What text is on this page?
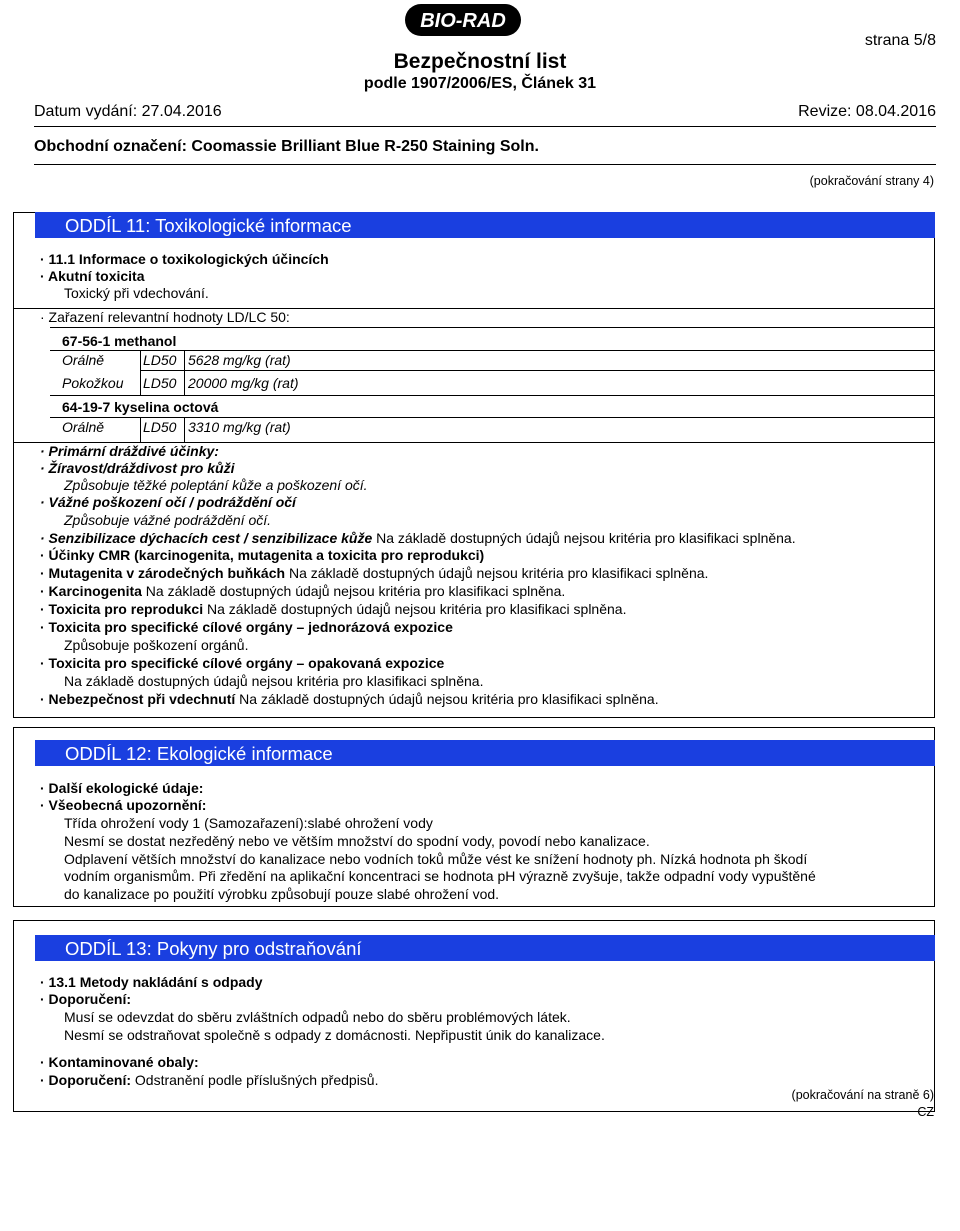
BIO-RAD
strana 5/8
Bezpečnostní list
podle 1907/2006/ES, Článek 31
Datum vydání: 27.04.2016	Revize: 08.04.2016
Obchodní označení: Coomassie Brilliant Blue R-250 Staining Soln.
(pokračování strany 4)
ODDÍL 11: Toxikologické informace
· 11.1 Informace o toxikologických účincích
· Akutní toxicita
Toxický při vdechování.
· Zařazení relevantní hodnoty LD/LC 50:
67-56-1 methanol
Orálně	LD50 5628 mg/kg (rat)
Pokožkou LD50 20000 mg/kg (rat)
64-19-7 kyselina octová
Orálně	LD50 3310 mg/kg (rat)
· Primární dráždivé účinky:
· Žíravost/dráždivost pro kůži
Způsobuje těžké poleptání kůže a poškození očí.
· Vážné poškození očí / podráždění očí
Způsobuje vážné podráždění očí.
· Senzibilizace dýchacích cest / senzibilizace kůže Na základě dostupných údajů nejsou kritéria pro klasifikaci splněna.
· Účinky CMR (karcinogenita, mutagenita a toxicita pro reprodukci)
· Mutagenita v zárodečných buňkách Na základě dostupných údajů nejsou kritéria pro klasifikaci splněna.
· Karcinogenita Na základě dostupných údajů nejsou kritéria pro klasifikaci splněna.
· Toxicita pro reprodukci Na základě dostupných údajů nejsou kritéria pro klasifikaci splněna.
· Toxicita pro specifické cílové orgány – jednorázová expozice
Způsobuje poškození orgánů.
· Toxicita pro specifické cílové orgány – opakovaná expozice
Na základě dostupných údajů nejsou kritéria pro klasifikaci splněna.
· Nebezpečnost při vdechnutí Na základě dostupných údajů nejsou kritéria pro klasifikaci splněna.
ODDÍL 12: Ekologické informace
· Další ekologické údaje:
· Všeobecná upozornění:
Třída ohrožení vody 1 (Samozařazení):slabé ohrožení vody
Nesmí se dostat nezředěný nebo ve větším množství do spodní vody, povodí nebo kanalizace.
Odplavení větších množství do kanalizace nebo vodních toků může vést ke snížení hodnoty ph. Nízká hodnota ph škodí
vodním organismům. Při zředění na aplikační koncentraci se hodnota pH výrazně zvyšuje, takže odpadní vody vypuštěné
do kanalizace po použití výrobku způsobují pouze slabé ohrožení vod.
ODDÍL 13: Pokyny pro odstraňování
· 13.1 Metody nakládání s odpady
· Doporučení:
Musí se odevzdat do sběru zvláštních odpadů nebo do sběru problémových látek.
Nesmí se odstraňovat společně s odpady z domácnosti. Nepřipustit únik do kanalizace.
· Kontaminované obaly:
· Doporučení: Odstranění podle příslušných předpisů.
(pokračování na straně 6)
CZ
